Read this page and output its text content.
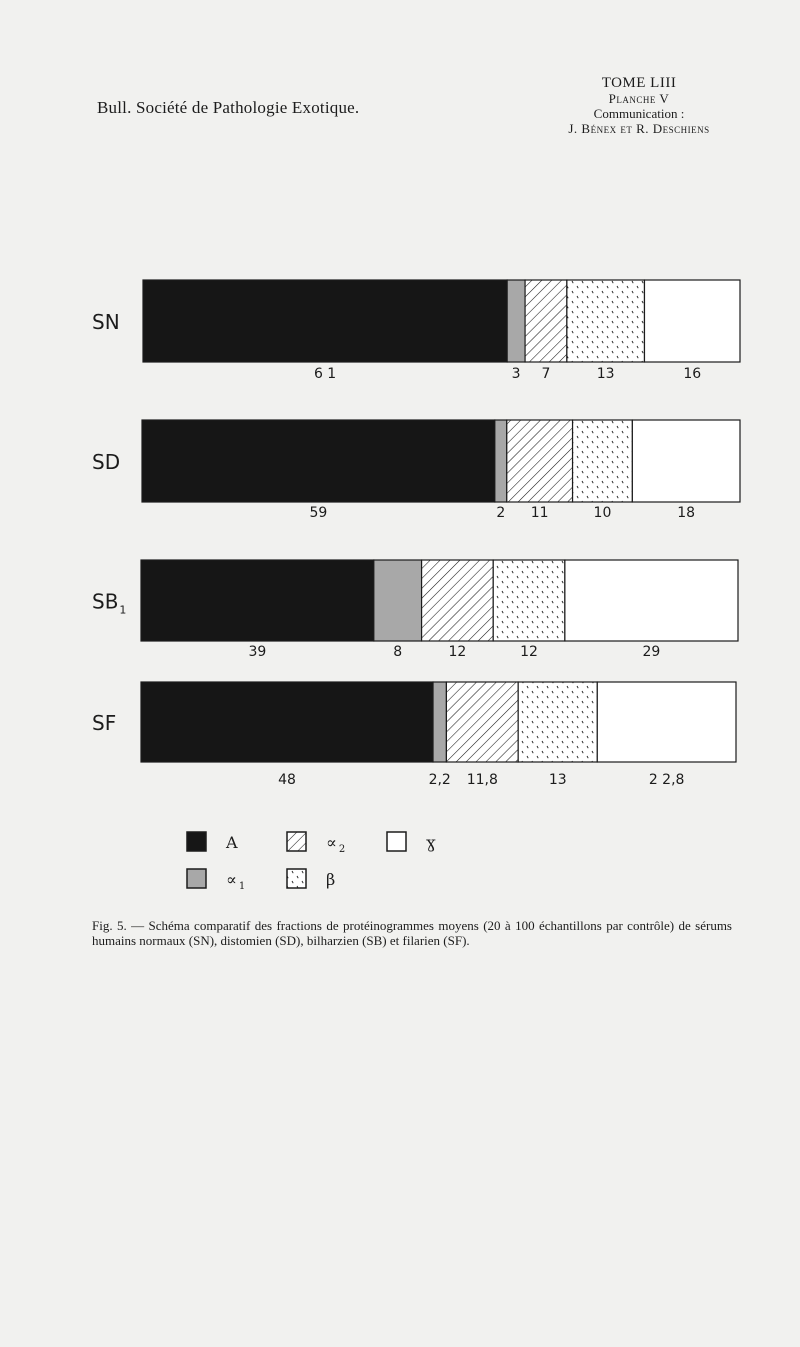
Bull. Société de Pathologie Exotique.
TOME LIII
Planche V
Communication :
J. Bénex et R. Deschiens
SN
6 1	3 7	13	16
SD
59	2 11	10	18
SB 1
39	8	12	12	29
SF
48	2,2 11,8	13	2 2,8
A	∝ 2	ɣ
∝ 1	β
Fig. 5. — Schéma comparatif des fractions de protéinogrammes moyens (20 à 100 échantillons par contrôle) de sérums humains normaux (SN), distomien (SD), bilharzien (SB) et filarien (SF).
